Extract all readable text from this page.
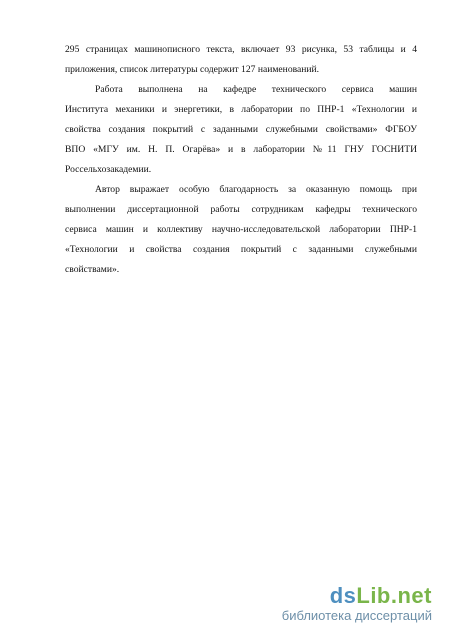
295 страницах машинописного текста, включает 93 рисунка, 53 таблицы и 4
приложения, список литературы содержит 127 наименований.
Работа выполнена на кафедре технического сервиса машин
Института механики и энергетики, в лаборатории по ПНР-1 «Технологии и
свойства создания покрытий с заданными служебными свойствами» ФГБОУ
ВПО «МГУ им. Н. П. Огарёва» и в лаборатории №11 ГНУ ГОСНИТИ
Россельхозакадемии.
Автор выражает особую благодарность за оказанную помощь при
выполнении диссертационной работы сотрудникам кафедры технического
сервиса машин и коллективу научно-исследовательской лаборатории ПНР-1
«Технологии и свойства создания покрытий с заданными служебными
свойствами».
dsLib.net
библиотека диссертаций
